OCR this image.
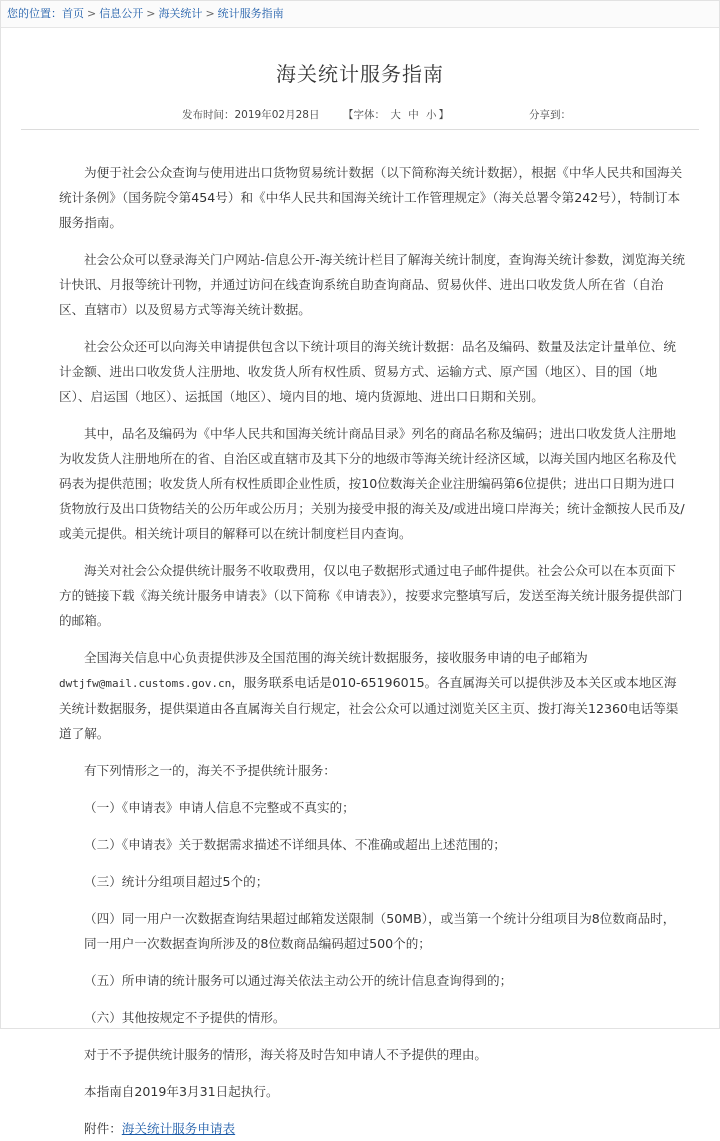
您的位置：首页 > 信息公开 > 海关统计 > 统计服务指南
海关统计服务指南
发布时间：2019年02月28日 【字体： 大 中 小 】	分享到：

为便于社会公众查询与使用进出口货物贸易统计数据（以下简称海关统计数据），根据《中华人民共和国海关统计条例》（国务院令第454号）和《中华人民共和国海关统计工作管理规定》（海关总署令第242号），特制订本服务指南。

社会公众可以登录海关门户网站-信息公开-海关统计栏目了解海关统计制度，查询海关统计参数，浏览海关统计快讯、月报等统计刊物，并通过访问在线查询系统自助查询商品、贸易伙伴、进出口收发货人所在省（自治区、直辖市）以及贸易方式等海关统计数据。

社会公众还可以向海关申请提供包含以下统计项目的海关统计数据：品名及编码、数量及法定计量单位、统计金额、进出口收发货人注册地、收发货人所有权性质、贸易方式、运输方式、原产国（地区）、目的国（地区）、启运国（地区）、运抵国（地区）、境内目的地、境内货源地、进出口日期和关别。

其中，品名及编码为《中华人民共和国海关统计商品目录》列名的商品名称及编码；进出口收发货人注册地为收发货人注册地所在的省、自治区或直辖市及其下分的地级市等海关统计经济区域，以海关国内地区名称及代码表为提供范围；收发货人所有权性质即企业性质，按10位数海关企业注册编码第6位提供；进出口日期为进口货物放行及出口货物结关的公历年或公历月；关别为接受申报的海关及/或进出境口岸海关；统计金额按人民币及/或美元提供。相关统计项目的解释可以在统计制度栏目内查询。

海关对社会公众提供统计服务不收取费用，仅以电子数据形式通过电子邮件提供。社会公众可以在本页面下方的链接下载《海关统计服务申请表》（以下简称《申请表》），按要求完整填写后，发送至海关统计服务提供部门的邮箱。

全国海关信息中心负责提供涉及全国范围的海关统计数据服务，接收服务申请的电子邮箱为dwtjfw@mail.customs.gov.cn，服务联系电话是010-65196015。各直属海关可以提供涉及本关区或本地区海关统计数据服务，提供渠道由各直属海关自行规定，社会公众可以通过浏览关区主页、拨打海关12360电话等渠道了解。

有下列情形之一的，海关不予提供统计服务：

（一）《申请表》申请人信息不完整或不真实的；

（二）《申请表》关于数据需求描述不详细具体、不准确或超出上述范围的；

（三）统计分组项目超过5个的；

（四）同一用户一次数据查询结果超过邮箱发送限制（50MB），或当第一个统计分组项目为8位数商品时，同一用户一次数据查询所涉及的8位数商品编码超过500个的；

（五）所申请的统计服务可以通过海关依法主动公开的统计信息查询得到的；

（六）其他按规定不予提供的情形。

对于不予提供统计服务的情形，海关将及时告知申请人不予提供的理由。

本指南自2019年3月31日起执行。

附件：海关统计服务申请表
